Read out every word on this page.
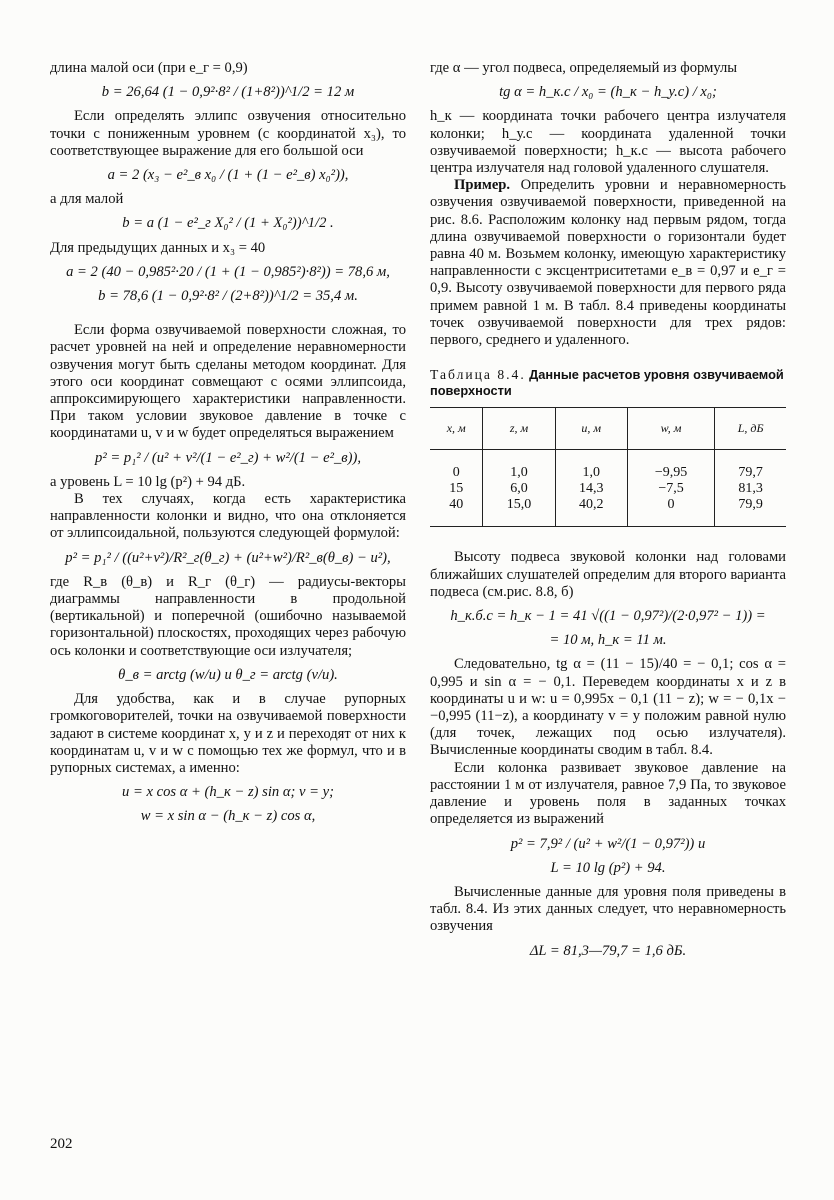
длина малой оси (при e_г = 0,9)

b = 26,64 (1 − 0,9²·8² / (1+8²))^1/2 = 12 м

Если определять эллипс озвучения относительно точки с пониженным уровнем (с координатой x₃), то соответствующее выражение для его большой оси

a = 2 (x₃ − e²_в x₀ / (1 + (1 − e²_в) x₀²)),

а для малой

b = a (1 − e²_г X₀² / (1 + X₀²))^1/2 .

Для предыдущих данных и x₃ = 40

a = 2 (40 − 0,985²·20 / (1 + (1 − 0,985²)·8²)) = 78,6 м,
b = 78,6 (1 − 0,9²·8² / (2+8²))^1/2 = 35,4 м.

Если форма озвучиваемой поверхности сложная, то расчет уровней на ней и определение неравномерности озвучения могут быть сделаны методом координат. Для этого оси координат совмещают с осями эллипсоида, аппроксимирующего характеристики направленности. При таком условии звуковое давление в точке с координатами u, v и w будет определяться выражением

p² = p₁² / (u² + v²/(1 − e²_г) + w²/(1 − e²_в)),

а уровень L = 10 lg (p²) + 94 дБ.

В тех случаях, когда есть характеристика направленности колонки и видно, что она отклоняется от эллипсоидальной, пользуются следующей формулой:

p² = p₁² / ((u²+v²)/R²_г(θ_г) + (u²+w²)/R²_в(θ_в) − u²),

где R_в (θ_в) и R_г (θ_г) — радиусы-векторы диаграммы направленности в продольной (вертикальной) и поперечной (ошибочно называемой горизонтальной) плоскостях, проходящих через рабочую ось колонки и соответствующие оси излучателя;

θ_в = arctg (w/u) и θ_г = arctg (v/u).

Для удобства, как и в случае рупорных громкоговорителей, точки на озвучиваемой поверхности задают в системе координат x, y и z и переходят от них к координатам u, v и w с помощью тех же формул, что и в рупорных системах, а именно:

u = x cos α + (h_к − z) sin α; v = y;
w = x sin α − (h_к − z) cos α,

где α — угол подвеса, определяемый из формулы

tg α = h_к.с / x₀ = (h_к − h_у.с) / x₀;

h_к — координата точки рабочего центра излучателя колонки; h_у.с — координата удаленной точки озвучиваемой поверхности; h_к.с — высота рабочего центра излучателя над головой удаленного слушателя.

Пример. Определить уровни и неравномерность озвучения озвучиваемой поверхности, приведенной на рис. 8.6. Расположим колонку над первым рядом, тогда длина озвучиваемой поверхности о горизонтали будет равна 40 м. Возьмем колонку, имеющую характеристику направленности с эксцентриситетами e_в = 0,97 и e_г = 0,9. Высоту озвучиваемой поверхности для первого ряда примем равной 1 м. В табл. 8.4 приведены координаты точек озвучиваемой поверхности для трех рядов: первого, среднего и удаленного.

Таблица 8.4. Данные расчетов уровня озвучиваемой поверхности
x, м	z, м	u, м	w, м	L, дБ
0	1,0	1,0	−9,95	79,7
15	6,0	14,3	−7,5	81,3
40	15,0	40,2	0	79,9

Высоту подвеса звуковой колонки над головами ближайших слушателей определим для второго варианта подвеса (см.рис. 8.8, б)

h_к.б.с = h_к − 1 = 41 √((1 − 0,97²)/(2·0,97² − 1)) =
= 10 м, h_к = 11 м.

Следовательно, tg α = (11 − 15)/40 = − 0,1; cos α = 0,995 и sin α = − 0,1. Переведем координаты x и z в координаты u и w: u = 0,995x − 0,1 (11 − z); w = − 0,1x − −0,995 (11−z), а координату v = y положим равной нулю (для точек, лежащих под осью излучателя). Вычисленные координаты сводим в табл. 8.4.

Если колонка развивает звуковое давление на расстоянии 1 м от излучателя, равное 7,9 Па, то звуковое давление и уровень поля в заданных точках определяется из выражений

p² = 7,9² / (u² + w²/(1 − 0,97²)) и
L = 10 lg (p²) + 94.

Вычисленные данные для уровня поля приведены в табл. 8.4. Из этих данных следует, что неравномерность озвучения

ΔL = 81,3—79,7 = 1,6 дБ.
202
